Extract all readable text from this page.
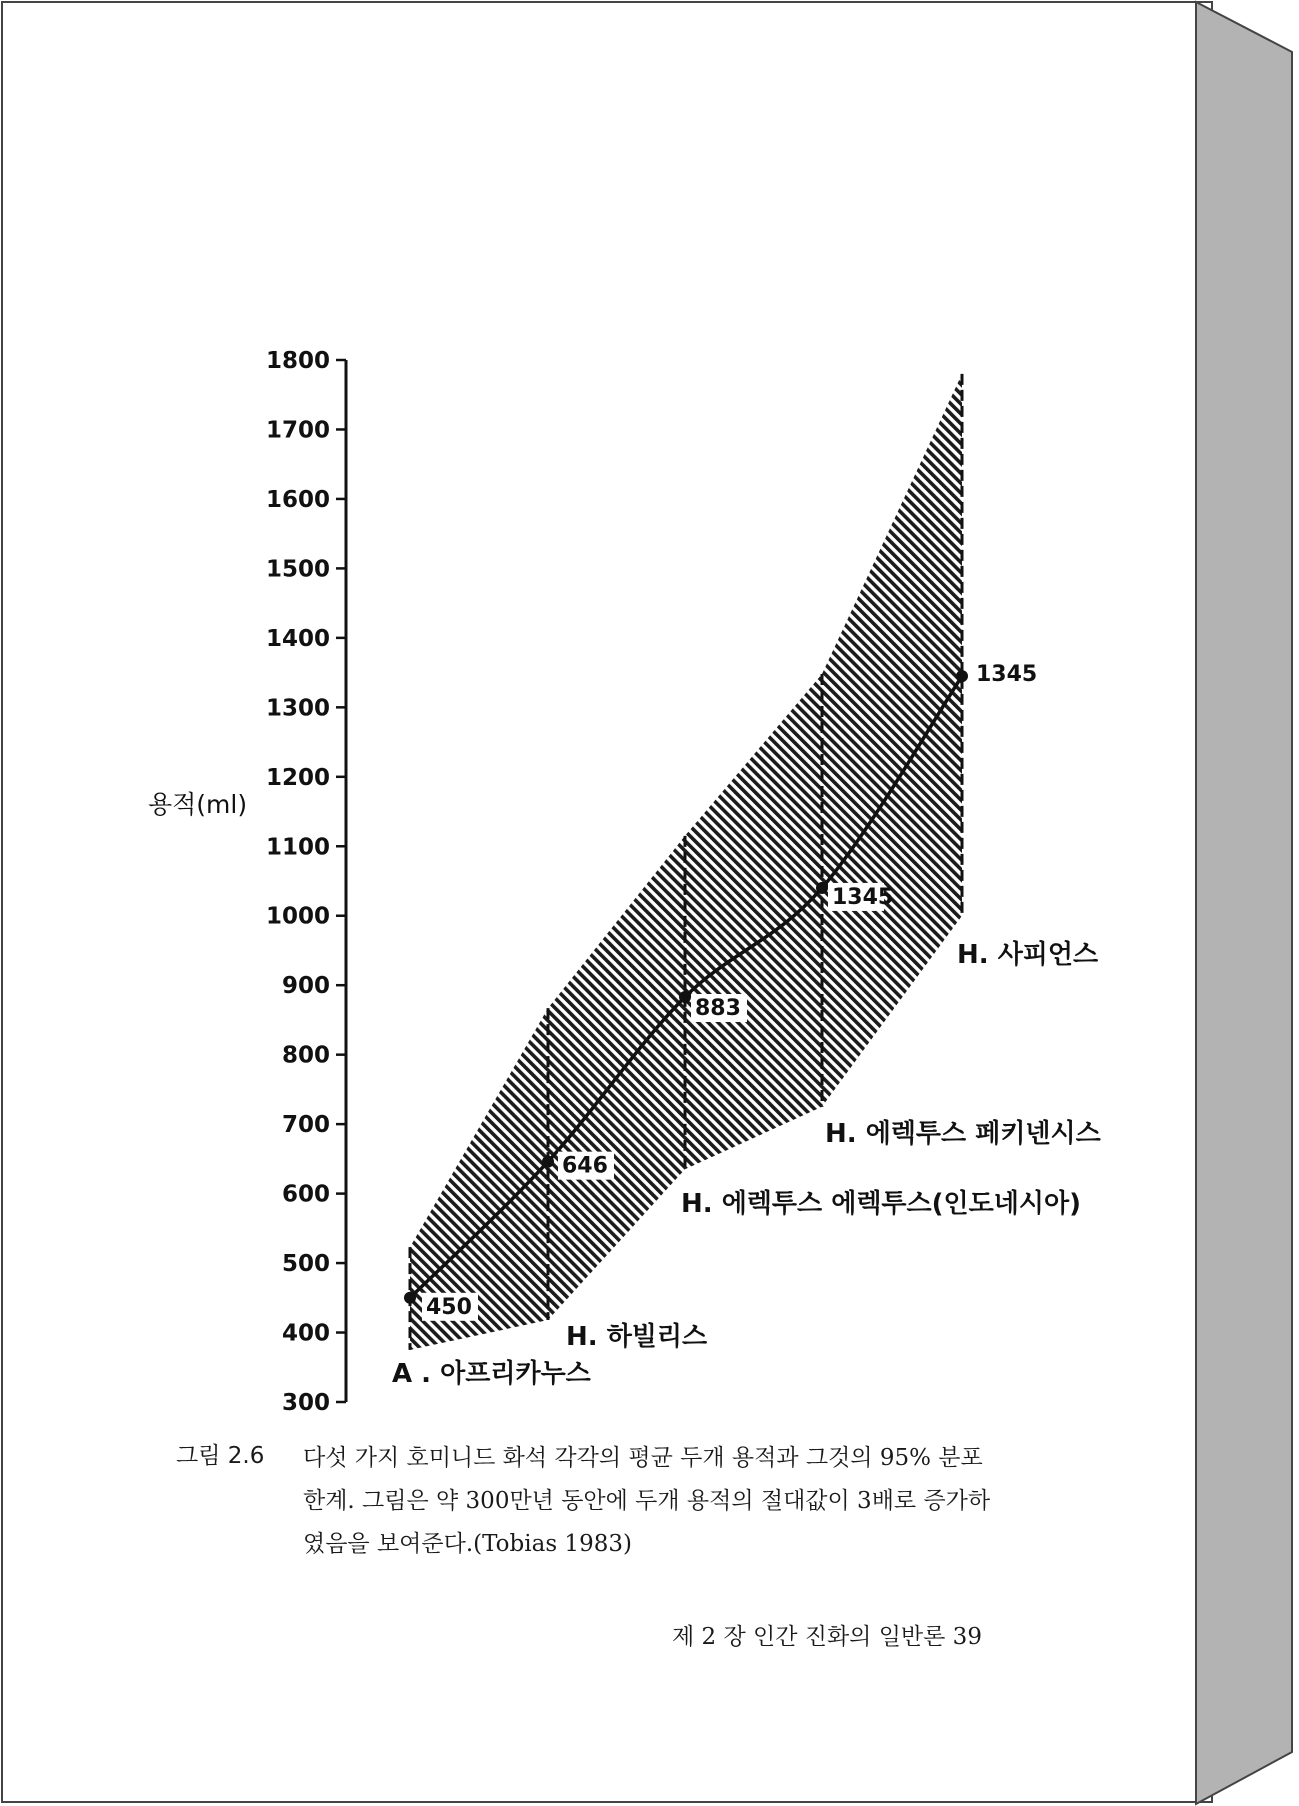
300
400
500
600
700
800
900
1000
1100
1200
1300
1400
1500
1600
1700
1800
용적(ml)
450
646
883
1345
1345
A . 아프리카누스
H. 하빌리스
H. 에렉투스 에렉투스(인도네시아)
H. 에렉투스 페키넨시스
H. 사피언스
그림 2.6 다섯 가지 호미니드 화석 각각의 평균 두개 용적과 그것의 95% 분포
한계. 그림은 약 300만년 동안에 두개 용적의 절대값이 3배로 증가하
였음을 보여준다.(Tobias 1983)
제 2 장 인간 진화의 일반론 39
